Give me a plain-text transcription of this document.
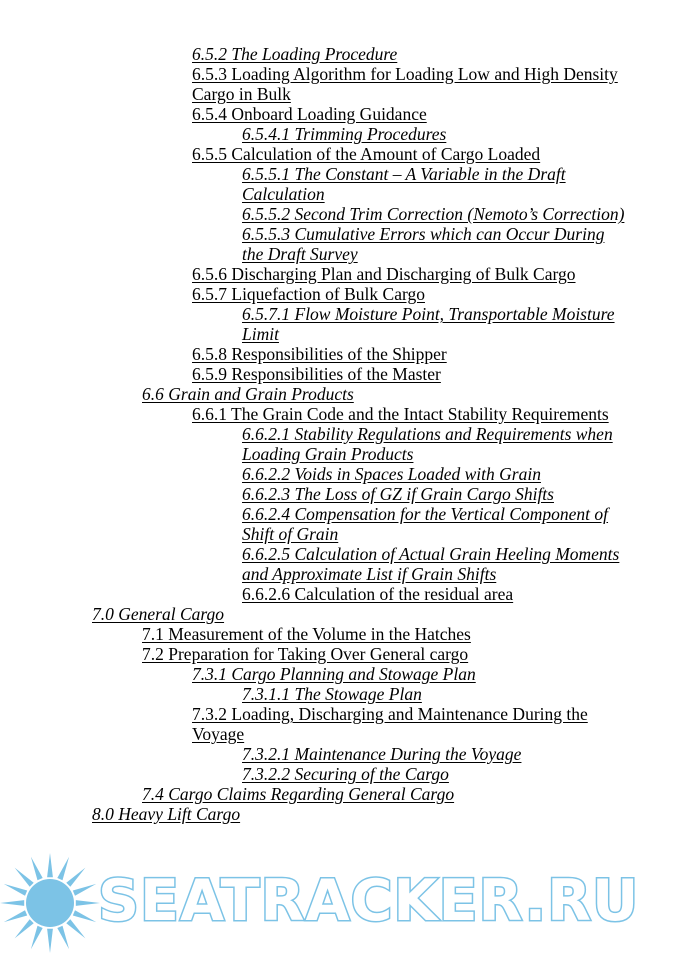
6.5.2 The Loading Procedure
6.5.3 Loading Algorithm for Loading Low and High Density Cargo in Bulk
6.5.4 Onboard Loading Guidance
6.5.4.1 Trimming Procedures
6.5.5 Calculation of the Amount of Cargo Loaded
6.5.5.1 The Constant – A Variable in the Draft Calculation
6.5.5.2 Second Trim Correction (Nemoto’s Correction)
6.5.5.3 Cumulative Errors which can Occur During the Draft Survey
6.5.6 Discharging Plan and Discharging of Bulk Cargo
6.5.7 Liquefaction of Bulk Cargo
6.5.7.1 Flow Moisture Point, Transportable Moisture Limit
6.5.8 Responsibilities of the Shipper
6.5.9 Responsibilities of the Master
6.6 Grain and Grain Products
6.6.1 The Grain Code and the Intact Stability Requirements
6.6.2.1 Stability Regulations and Requirements when Loading Grain Products
6.6.2.2 Voids in Spaces Loaded with Grain
6.6.2.3 The Loss of GZ if Grain Cargo Shifts
6.6.2.4 Compensation for the Vertical Component of Shift of Grain
6.6.2.5 Calculation of Actual Grain Heeling Moments and Approximate List if Grain Shifts
6.6.2.6 Calculation of the residual area
7.0 General Cargo
7.1 Measurement of the Volume in the Hatches
7.2 Preparation for Taking Over General cargo
7.3.1 Cargo Planning and Stowage Plan
7.3.1.1 The Stowage Plan
7.3.2 Loading, Discharging and Maintenance During the Voyage
7.3.2.1 Maintenance During the Voyage
7.3.2.2 Securing of the Cargo
7.4 Cargo Claims Regarding General Cargo
8.0 Heavy Lift Cargo
SEATRACKER.RU
